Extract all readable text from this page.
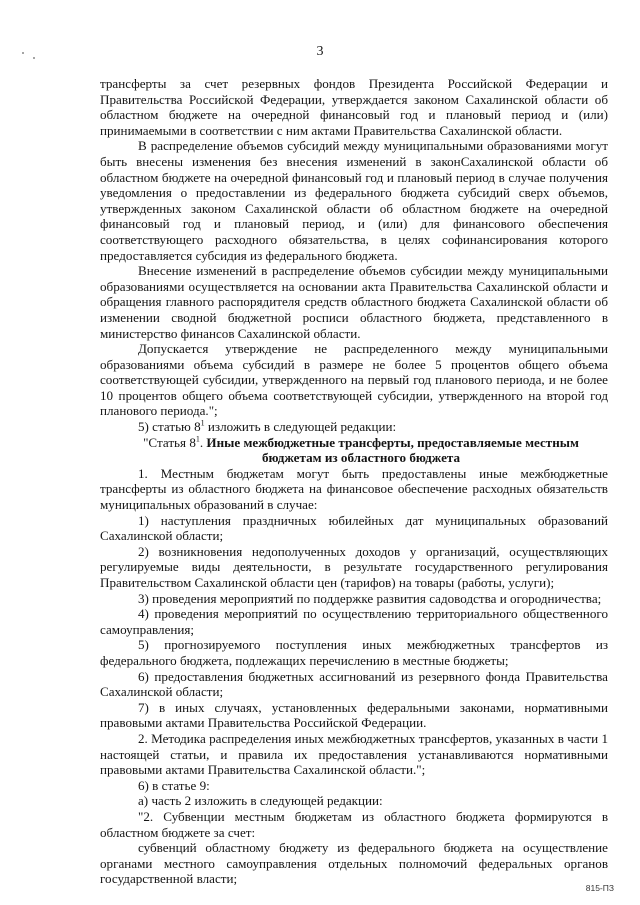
3

трансферты за счет резервных фондов Президента Российской Федерации и Правительства Российской Федерации, утверждается законом Сахалинской области об областном бюджете на очередной финансовый год и плановый период и (или) принимаемыми в соответствии с ним актами Правительства Сахалинской области.

В распределение объемов субсидий между муниципальными образованиями могут быть внесены изменения без внесения изменений в законСахалинской области об областном бюджете на очередной финансовый год и плановый период в случае получения уведомления о предоставлении из федерального бюджета субсидий сверх объемов, утвержденных законом Сахалинской области об областном бюджете на очередной финансовый год и плановый период, и (или) для финансового обеспечения соответствующего расходного обязательства, в целях софинансирования которого предоставляется субсидия из федерального бюджета.

Внесение изменений в распределение объемов субсидии между муниципальными образованиями осуществляется на основании акта Правительства Сахалинской области и обращения главного распорядителя средств областного бюджета Сахалинской области об изменении сводной бюджетной росписи областного бюджета, представленного в министерство финансов Сахалинской области.

Допускается утверждение не распределенного между муниципальными образованиями объема субсидий в размере не более 5 процентов общего объема соответствующей субсидии, утвержденного на первый год планового периода, и не более 10 процентов общего объема соответствующей субсидии, утвержденного на второй год планового периода.";

5) статью $8^1$ изложить в следующей редакции:

"Статья $8^1$. Иные межбюджетные трансферты, предоставляемые местным бюджетам из областного бюджета

1. Местным бюджетам могут быть предоставлены иные межбюджетные трансферты из областного бюджета на финансовое обеспечение расходных обязательств муниципальных образований в случае:

1) наступления праздничных юбилейных дат муниципальных образований Сахалинской области;

2) возникновения недополученных доходов у организаций, осуществляющих регулируемые виды деятельности, в результате государственного регулирования Правительством Сахалинской области цен (тарифов) на товары (работы, услуги);

3) проведения мероприятий по поддержке развития садоводства и огородничества;

4) проведения мероприятий по осуществлению территориального общественного самоуправления;

5) прогнозируемого поступления иных межбюджетных трансфертов из федерального бюджета, подлежащих перечислению в местные бюджеты;

6) предоставления бюджетных ассигнований из резервного фонда Правительства Сахалинской области;

7) в иных случаях, установленных федеральными законами, нормативными правовыми актами Правительства Российской Федерации.

2. Методика распределения иных межбюджетных трансфертов, указанных в части 1 настоящей статьи, и правила их предоставления устанавливаются нормативными правовыми актами Правительства Сахалинской области.";

6) в статье 9:

а) часть 2 изложить в следующей редакции:

"2. Субвенции местным бюджетам из областного бюджета формируются в областном бюджете за счет:

субвенций областному бюджету из федерального бюджета на осуществление органами местного самоуправления отдельных полномочий федеральных органов государственной власти;

815-ПЗ
